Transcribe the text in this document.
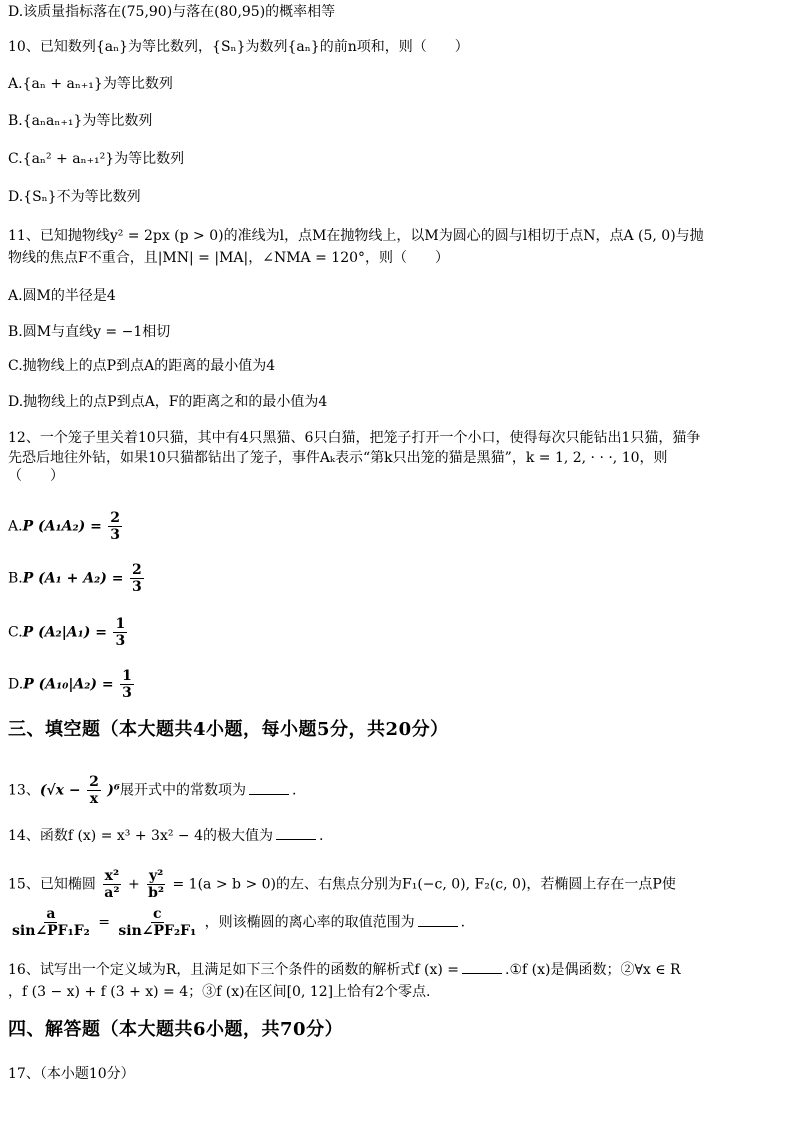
D.该质量指标落在(75,90)与落在(80,95)的概率相等
10、已知数列{aₙ}为等比数列，{Sₙ}为数列{aₙ}的前n项和，则（　　）
A.{aₙ + aₙ₊₁}为等比数列
B.{aₙaₙ₊₁}为等比数列
C.{aₙ² + aₙ₊₁²}为等比数列
D.{Sₙ}不为等比数列
11、已知抛物线y² = 2px (p > 0)的准线为l，点M在抛物线上，以M为圆心的圆与l相切于点N，点A (5, 0)与抛
物线的焦点F不重合，且|MN| = |MA|，∠NMA = 120°，则（　　）
A.圆M的半径是4
B.圆M与直线y = −1相切
C.抛物线上的点P到点A的距离的最小值为4
D.抛物线上的点P到点A，F的距离之和的最小值为4
12、一个笼子里关着10只猫，其中有4只黑猫、6只白猫，把笼子打开一个小口，使得每次只能钻出1只猫，猫争
先恐后地往外钻，如果10只猫都钻出了笼子，事件Aₖ表示“第k只出笼的猫是黑猫”，k = 1, 2, · · ·, 10，则
（　　）
A.P $(A_1A_2) = \frac{2}{3}$
B.P $(A_1 + A_2) = \frac{2}{3}$
C.P $(A_2|A_1) = \frac{1}{3}$
D.P $(A_{10}|A_2) = \frac{1}{3}$
三、填空题（本大题共4小题，每小题5分，共20分）
13、$(√x - \frac{2}{x} )^6$展开式中的常数项为	.
14、函数f (x) = x³ + 3x² − 4的极大值为	.
15、已知椭圆 $\frac{\text{x²}}{\text{a²}} + \frac{\text{y²}}{\text{b²}} = 1(a > b > 0)$的左、右焦点分别为F₁(−c, 0), F₂(c, 0)，若椭圆上存在一点P使
$\frac{a}{\text{sin∠PF₁F₂}} = \frac{c}{\text{sin∠PF₂F₁}}$ ，则该椭圆的离心率的取值范围为	.
16、试写出一个定义域为R，且满足如下三个条件的函数的解析式f (x) =	.①f (x)是偶函数；②∀x ∈ R
，f (3 − x) + f (3 + x) = 4；③f (x)在区间[0, 12]上恰有2个零点.
四、解答题（本大题共6小题，共70分）
17、（本小题10分）
